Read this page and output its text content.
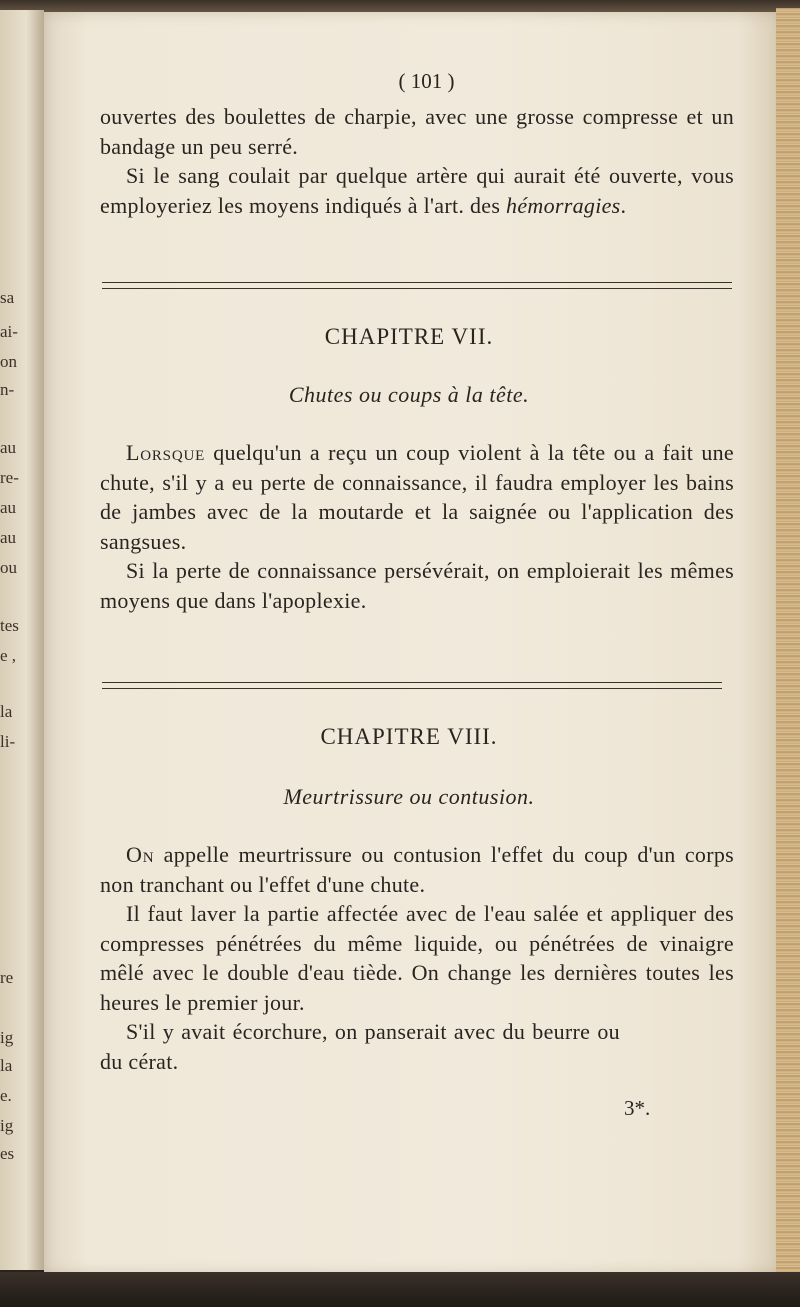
sa
ai-
on
n-
au
re-
au
au
ou
tes
e ,
la
li-
re
ig
la
e.
ig
es
( 101 )

ouvertes des boulettes de charpie, avec une grosse compresse et un bandage un peu serré.

Si le sang coulait par quelque artère qui aurait été ouverte, vous employeriez les moyens indiqués à l'art. des hémorragies.

CHAPITRE VII.
Chutes ou coups à la tête.

Lorsque quelqu'un a reçu un coup violent à la tête ou a fait une chute, s'il y a eu perte de connaissance, il faudra employer les bains de jambes avec de la moutarde et la saignée ou l'application des sangsues.

Si la perte de connaissance persévérait, on emploierait les mêmes moyens que dans l'apoplexie.

CHAPITRE VIII.
Meurtrissure ou contusion.

On appelle meurtrissure ou contusion l'effet du coup d'un corps non tranchant ou l'effet d'une chute.

Il faut laver la partie affectée avec de l'eau salée et appliquer des compresses pénétrées du même liquide, ou pénétrées de vinaigre mêlé avec le double d'eau tiède. On change les dernières toutes les heures le premier jour.

S'il y avait écorchure, on panserait avec du beurre ou du cérat.

3*.
